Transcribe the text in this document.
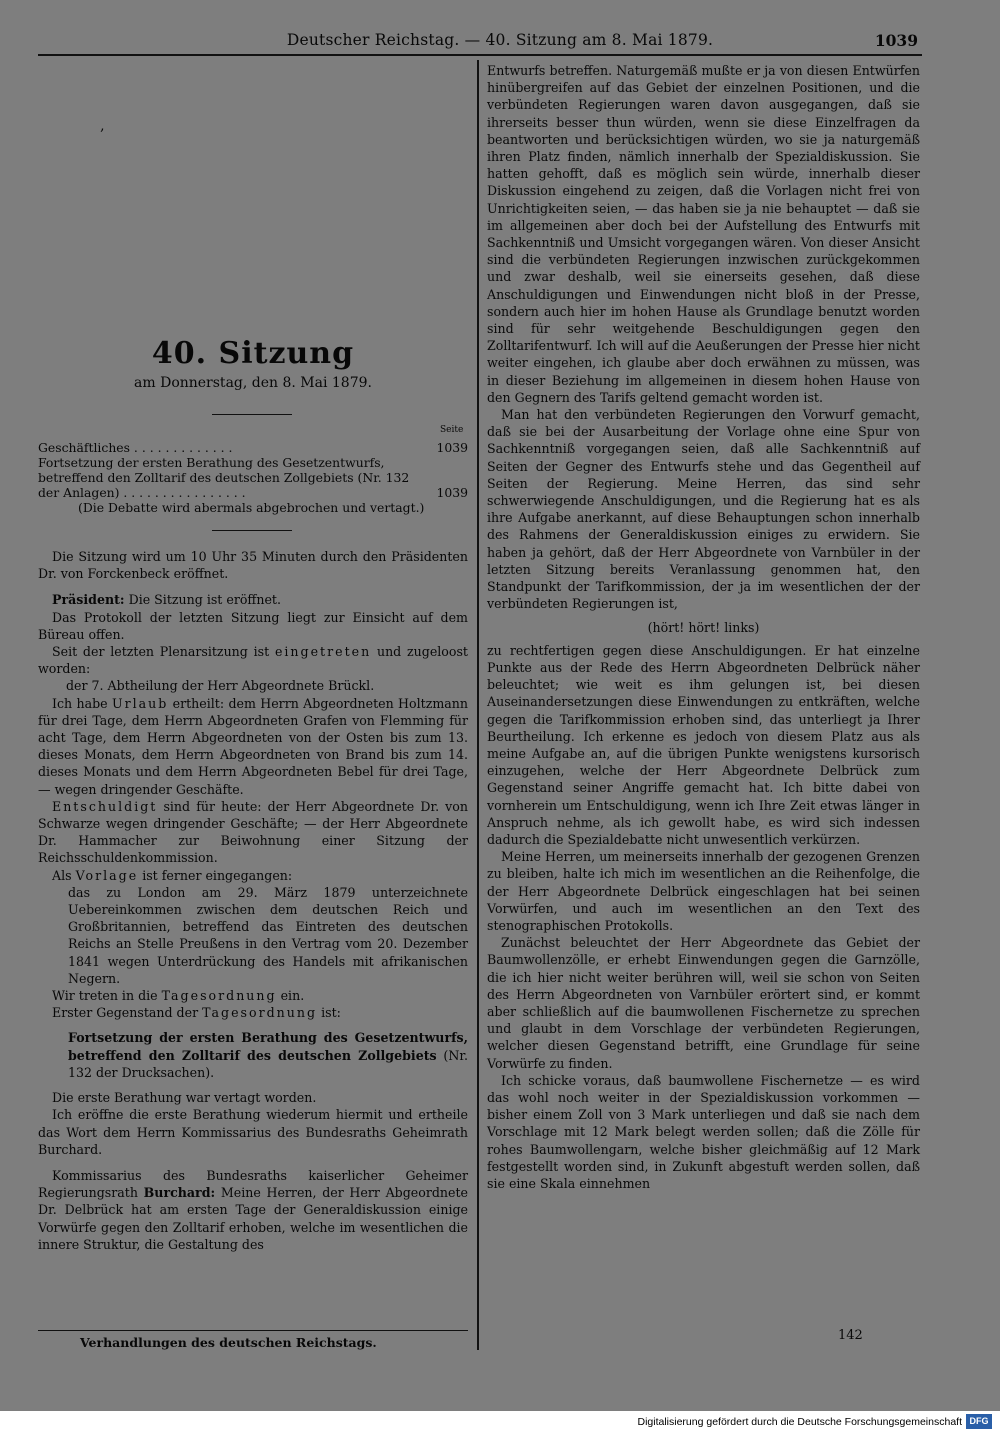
Deutscher Reichstag. — 40. Sitzung am 8. Mai 1879.	1039
‚
40. Sitzung
am Donnerstag, den 8. Mai 1879.
Seite
Geschäftliches . . . . . . . . . . . . .	1039
Fortsetzung der ersten Berathung des Gesetzentwurfs, betreffend den Zolltarif des deutschen Zollgebiets (Nr. 132 der Anlagen) . . . . . . . . . . . . . . . .	1039
(Die Debatte wird abermals abgebrochen und vertagt.)

Die Sitzung wird um 10 Uhr 35 Minuten durch den Präsidenten Dr. von Forckenbeck eröffnet.

Präsident: Die Sitzung ist eröffnet.

Das Protokoll der letzten Sitzung liegt zur Einsicht auf dem Büreau offen.

Seit der letzten Plenarsitzung ist eingetreten und zugeloost worden:

der 7. Abtheilung der Herr Abgeordnete Brückl.

Ich habe Urlaub ertheilt: dem Herrn Abgeordneten Holtzmann für drei Tage, dem Herrn Abgeordneten Grafen von Flemming für acht Tage, dem Herrn Abgeordneten von der Osten bis zum 13. dieses Monats, dem Herrn Abgeordneten von Brand bis zum 14. dieses Monats und dem Herrn Abgeordneten Bebel für drei Tage, — wegen dringender Geschäfte.

Entschuldigt sind für heute: der Herr Abgeordnete Dr. von Schwarze wegen dringender Geschäfte; — der Herr Abgeordnete Dr. Hammacher zur Beiwohnung einer Sitzung der Reichsschuldenkommission.

Als Vorlage ist ferner eingegangen:

das zu London am 29. März 1879 unterzeichnete Uebereinkommen zwischen dem deutschen Reich und Großbritannien, betreffend das Eintreten des deutschen Reichs an Stelle Preußens in den Vertrag vom 20. Dezember 1841 wegen Unterdrückung des Handels mit afrikanischen Negern.

Wir treten in die Tagesordnung ein.

Erster Gegenstand der Tagesordnung ist:

Fortsetzung der ersten Berathung des Gesetzentwurfs, betreffend den Zolltarif des deutschen Zollgebiets (Nr. 132 der Drucksachen).

Die erste Berathung war vertagt worden.

Ich eröffne die erste Berathung wiederum hiermit und ertheile das Wort dem Herrn Kommissarius des Bundesraths Geheimrath Burchard.

Kommissarius des Bundesraths kaiserlicher Geheimer Regierungsrath Burchard: Meine Herren, der Herr Abgeordnete Dr. Delbrück hat am ersten Tage der Generaldiskussion einige Vorwürfe gegen den Zolltarif erhoben, welche im wesentlichen die innere Struktur, die Gestaltung des

Entwurfs betreffen. Naturgemäß mußte er ja von diesen Entwürfen hinübergreifen auf das Gebiet der einzelnen Positionen, und die verbündeten Regierungen waren davon ausgegangen, daß sie ihrerseits besser thun würden, wenn sie diese Einzelfragen da beantworten und berücksichtigen würden, wo sie ja naturgemäß ihren Platz finden, nämlich innerhalb der Spezialdiskussion. Sie hatten gehofft, daß es möglich sein würde, innerhalb dieser Diskussion eingehend zu zeigen, daß die Vorlagen nicht frei von Unrichtigkeiten seien, — das haben sie ja nie behauptet — daß sie im allgemeinen aber doch bei der Aufstellung des Entwurfs mit Sachkenntniß und Umsicht vorgegangen wären. Von dieser Ansicht sind die verbündeten Regierungen inzwischen zurückgekommen und zwar deshalb, weil sie einerseits gesehen, daß diese Anschuldigungen und Einwendungen nicht bloß in der Presse, sondern auch hier im hohen Hause als Grundlage benutzt worden sind für sehr weitgehende Beschuldigungen gegen den Zolltarifentwurf. Ich will auf die Aeußerungen der Presse hier nicht weiter eingehen, ich glaube aber doch erwähnen zu müssen, was in dieser Beziehung im allgemeinen in diesem hohen Hause von den Gegnern des Tarifs geltend gemacht worden ist.

Man hat den verbündeten Regierungen den Vorwurf gemacht, daß sie bei der Ausarbeitung der Vorlage ohne eine Spur von Sachkenntniß vorgegangen seien, daß alle Sachkenntniß auf Seiten der Gegner des Entwurfs stehe und das Gegentheil auf Seiten der Regierung. Meine Herren, das sind sehr schwerwiegende Anschuldigungen, und die Regierung hat es als ihre Aufgabe anerkannt, auf diese Behauptungen schon innerhalb des Rahmens der Generaldiskussion einiges zu erwidern. Sie haben ja gehört, daß der Herr Abgeordnete von Varnbüler in der letzten Sitzung bereits Veranlassung genommen hat, den Standpunkt der Tarifkommission, der ja im wesentlichen der der verbündeten Regierungen ist,

(hört! hört! links)

zu rechtfertigen gegen diese Anschuldigungen. Er hat einzelne Punkte aus der Rede des Herrn Abgeordneten Delbrück näher beleuchtet; wie weit es ihm gelungen ist, bei diesen Auseinandersetzungen diese Einwendungen zu entkräften, welche gegen die Tarifkommission erhoben sind, das unterliegt ja Ihrer Beurtheilung. Ich erkenne es jedoch von diesem Platz aus als meine Aufgabe an, auf die übrigen Punkte wenigstens kursorisch einzugehen, welche der Herr Abgeordnete Delbrück zum Gegenstand seiner Angriffe gemacht hat. Ich bitte dabei von vornherein um Entschuldigung, wenn ich Ihre Zeit etwas länger in Anspruch nehme, als ich gewollt habe, es wird sich indessen dadurch die Spezialdebatte nicht unwesentlich verkürzen.

Meine Herren, um meinerseits innerhalb der gezogenen Grenzen zu bleiben, halte ich mich im wesentlichen an die Reihenfolge, die der Herr Abgeordnete Delbrück eingeschlagen hat bei seinen Vorwürfen, und auch im wesentlichen an den Text des stenographischen Protokolls.

Zunächst beleuchtet der Herr Abgeordnete das Gebiet der Baumwollenzölle, er erhebt Einwendungen gegen die Garnzölle, die ich hier nicht weiter berühren will, weil sie schon von Seiten des Herrn Abgeordneten von Varnbüler erörtert sind, er kommt aber schließlich auf die baumwollenen Fischernetze zu sprechen und glaubt in dem Vorschlage der verbündeten Regierungen, welcher diesen Gegenstand betrifft, eine Grundlage für seine Vorwürfe zu finden.

Ich schicke voraus, daß baumwollene Fischernetze — es wird das wohl noch weiter in der Spezialdiskussion vorkommen — bisher einem Zoll von 3 Mark unterliegen und daß sie nach dem Vorschlage mit 12 Mark belegt werden sollen; daß die Zölle für rohes Baumwollengarn, welche bisher gleichmäßig auf 12 Mark festgestellt worden sind, in Zukunft abgestuft werden sollen, daß sie eine Skala einnehmen

Verhandlungen des deutschen Reichstags.	142
Digitalisierung gefördert durch die Deutsche Forschungsgemeinschaft DFG
